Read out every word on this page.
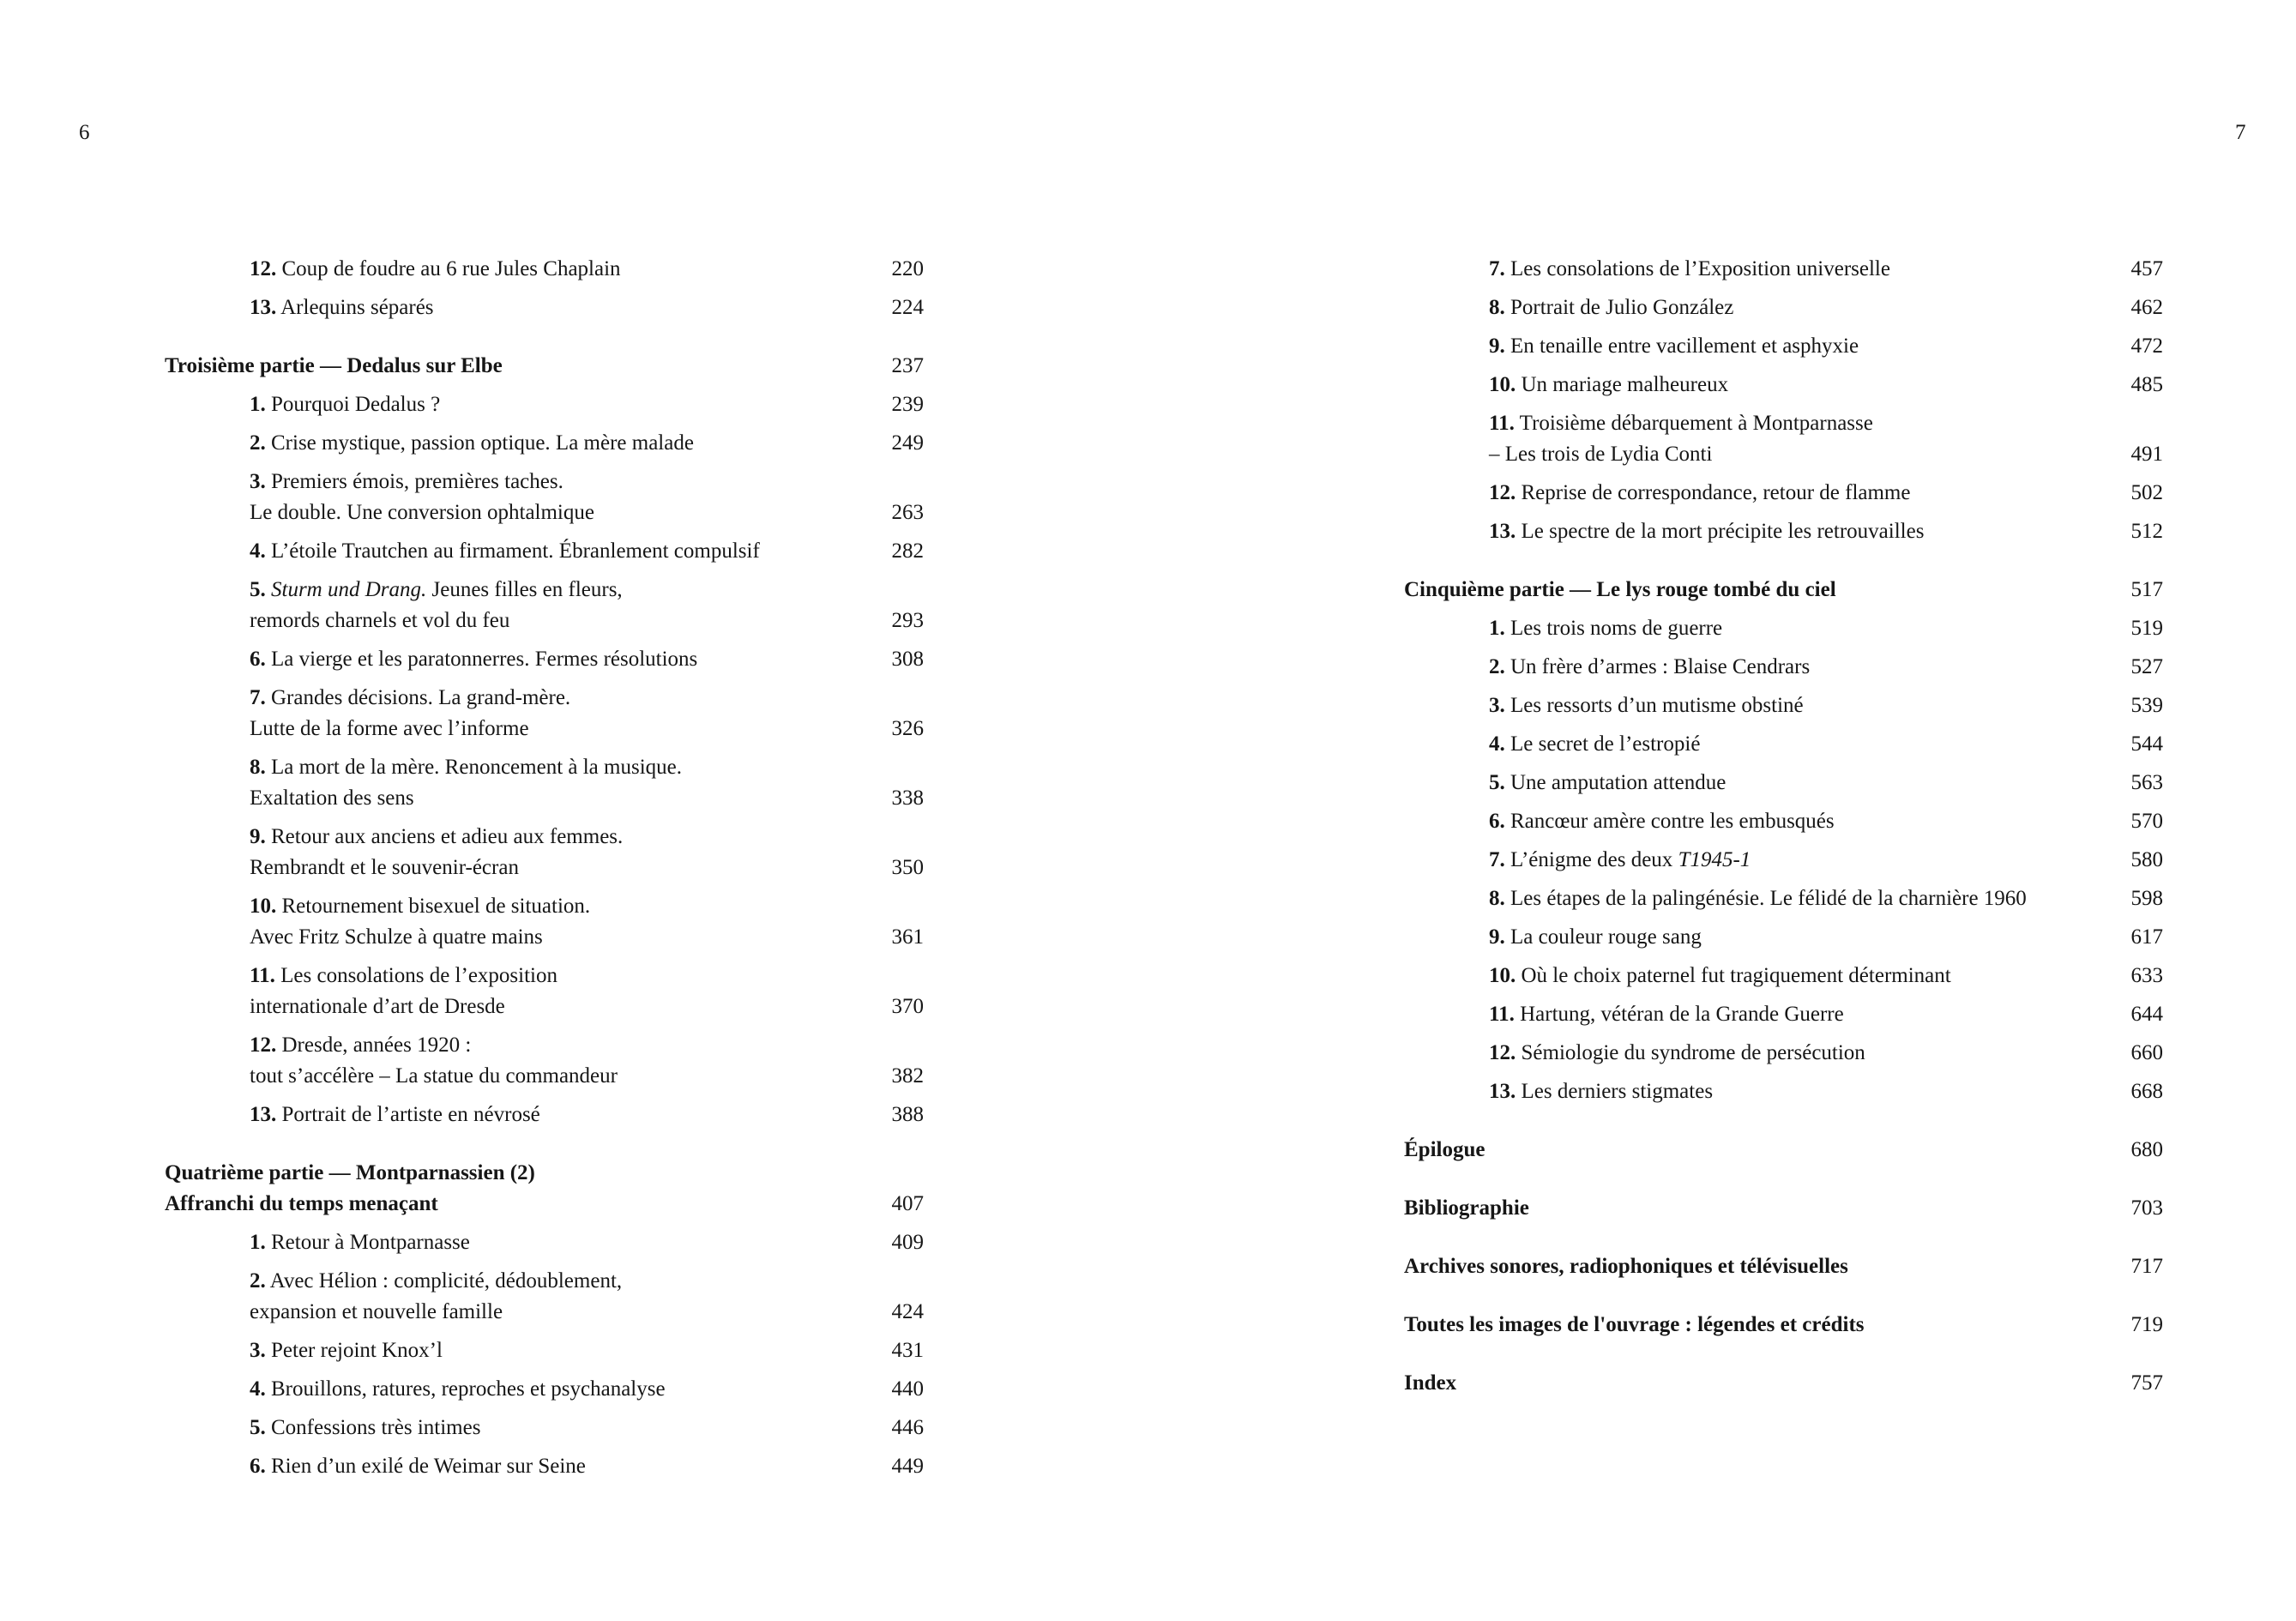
6	7
12. Coup de foudre au 6 rue Jules Chaplain	220
13. Arlequins séparés	224
Troisième partie — Dedalus sur Elbe	237
1. Pourquoi Dedalus ?	239
2. Crise mystique, passion optique. La mère malade	249
3. Premiers émois, premières taches.
Le double. Une conversion ophtalmique	263
4. L’étoile Trautchen au firmament. Ébranlement compulsif	282
5. Sturm und Drang. Jeunes filles en fleurs,
remords charnels et vol du feu	293
6. La vierge et les paratonnerres. Fermes résolutions	308
7. Grandes décisions. La grand-mère.
Lutte de la forme avec l’informe	326
8. La mort de la mère. Renoncement à la musique.
Exaltation des sens	338
9. Retour aux anciens et adieu aux femmes.
Rembrandt et le souvenir-écran	350
10. Retournement bisexuel de situation.
Avec Fritz Schulze à quatre mains	361
11. Les consolations de l’exposition
internationale d’art de Dresde	370
12. Dresde, années 1920 :
tout s’accélère – La statue du commandeur	382
13. Portrait de l’artiste en névrosé	388
Quatrième partie — Montparnassien (2)
Affranchi du temps menaçant	407
1. Retour à Montparnasse	409
2. Avec Hélion : complicité, dédoublement,
expansion et nouvelle famille	424
3. Peter rejoint Knox’l	431
4. Brouillons, ratures, reproches et psychanalyse	440
5. Confessions très intimes	446
6. Rien d’un exilé de Weimar sur Seine	449
7. Les consolations de l’Exposition universelle	457
8. Portrait de Julio González	462
9. En tenaille entre vacillement et asphyxie	472
10. Un mariage malheureux	485
11. Troisième débarquement à Montparnasse
– Les trois de Lydia Conti	491
12. Reprise de correspondance, retour de flamme	502
13. Le spectre de la mort précipite les retrouvailles	512
Cinquième partie — Le lys rouge tombé du ciel	517
1. Les trois noms de guerre	519
2. Un frère d’armes : Blaise Cendrars	527
3. Les ressorts d’un mutisme obstiné	539
4. Le secret de l’estropié	544
5. Une amputation attendue	563
6. Rancœur amère contre les embusqués	570
7. L’énigme des deux T1945-1	580
8. Les étapes de la palingénésie. Le félidé de la charnière 1960	598
9. La couleur rouge sang	617
10. Où le choix paternel fut tragiquement déterminant	633
11. Hartung, vétéran de la Grande Guerre	644
12. Sémiologie du syndrome de persécution	660
13. Les derniers stigmates	668
Épilogue	680
Bibliographie	703
Archives sonores, radiophoniques et télévisuelles	717
Toutes les images de l'ouvrage : légendes et crédits	719
Index	757
